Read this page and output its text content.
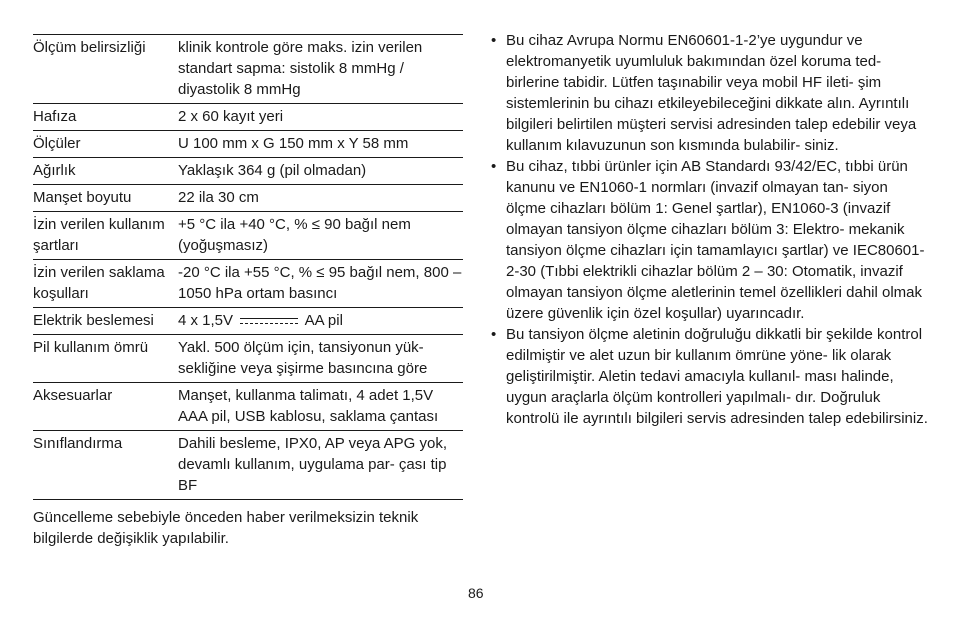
Ölçüm belirsizliği	klinik kontrole göre maks. izin verilen standart sapma: sistolik 8 mmHg / diyastolik 8 mmHg
Hafıza	2 x 60 kayıt yeri
Ölçüler	U 100 mm x G 150 mm x Y 58 mm
Ağırlık	Yaklaşık 364 g (pil olmadan)
Manşet boyutu	22 ila 30 cm
İzin verilen kullanım şartları	+5 °C ila +40 °C, % ≤ 90 bağıl nem (yoğuşmasız)
İzin verilen saklama koşulları	-20 °C ila +55 °C, % ≤ 95 bağıl nem, 800 –1050 hPa ortam basıncı
Elektrik beslemesi	4 x 1,5V AA pil
Pil kullanım ömrü	Yakl. 500 ölçüm için, tansiyonun yük- sekliğine veya şişirme basıncına göre
Aksesuarlar	Manşet, kullanma talimatı, 4 adet 1,5V AAA pil, USB kablosu, saklama çantası
Sınıflandırma	Dahili besleme, IPX0, AP veya APG yok, devamlı kullanım, uygulama par- çası tip BF
Güncelleme sebebiyle önceden haber verilmeksizin teknik bilgilerde değişiklik yapılabilir.
• Bu cihaz Avrupa Normu EN60601-1-2’ye uygundur ve elektromanyetik uyumluluk bakımından özel koruma ted- birlerine tabidir. Lütfen taşınabilir veya mobil HF ileti- şim sistemlerinin bu cihazı etkileyebileceğini dikkate alın. Ayrıntılı bilgileri belirtilen müşteri servisi adresinden talep edebilir veya kullanım kılavuzunun son kısmında bulabilir- siniz.
• Bu cihaz, tıbbi ürünler için AB Standardı 93/42/EC, tıbbi ürün kanunu ve EN1060-1 normları (invazif olmayan tan- siyon ölçme cihazları bölüm 1: Genel şartlar), EN1060-3 (invazif olmayan tansiyon ölçme cihazları bölüm 3: Elektro- mekanik tansiyon ölçme cihazları için tamamlayıcı şartlar) ve IEC80601-2-30 (Tıbbi elektrikli cihazlar bölüm 2 – 30: Otomatik, invazif olmayan tansiyon ölçme aletlerinin temel özellikleri dahil olmak üzere güvenlik için özel koşullar) uyarıncadır.
• Bu tansiyon ölçme aletinin doğruluğu dikkatli bir şekilde kontrol edilmiştir ve alet uzun bir kullanım ömrüne yöne- lik olarak geliştirilmiştir. Aletin tedavi amacıyla kullanıl- ması halinde, uygun araçlarla ölçüm kontrolleri yapılmalı- dır. Doğruluk kontrolü ile ayrıntılı bilgileri servis adresinden talep edebilirsiniz.
86
